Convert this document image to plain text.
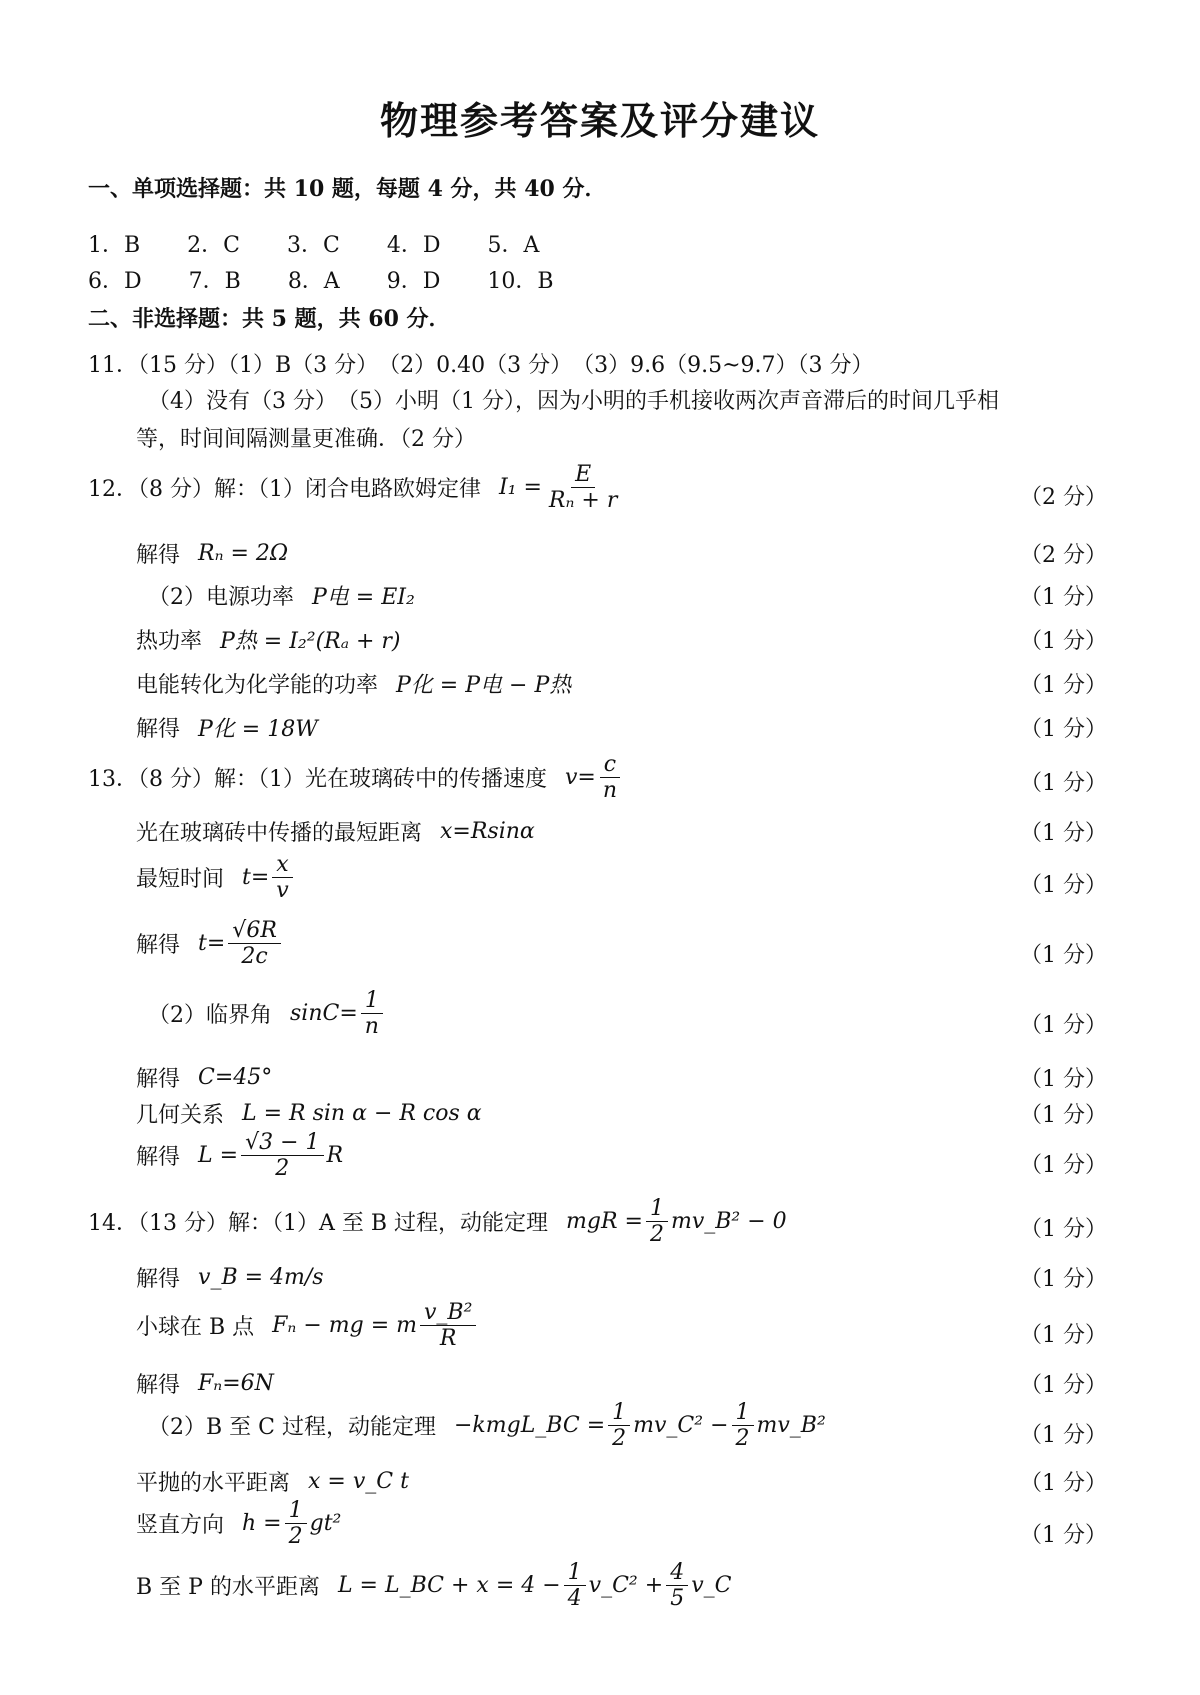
物理参考答案及评分建议
一、单项选择题：共 10 题，每题 4 分，共 40 分．
1．B 2．C 3．C 4．D 5．A
6．D 7．B 8．A 9．D 10．B
二、非选择题：共 5 题，共 60 分．
11．（15 分）（1）B（3 分）　（2）0.40（3 分）　（3）9.6（9.5~9.7）（3 分）
（4）没有（3 分）　（5）小明（1 分），因为小明的手机接收两次声音滞后的时间几乎相
等，时间间隔测量更准确．（2 分）
12．（8 分）解：（1）闭合电路欧姆定律 $I_1 = \frac{E}{\text{Rₙ + r}}$	（2 分）
解得 Rₙ = 2Ω	（2 分）
（2）电源功率 P电 = EI₂	（1 分）
热功率 P热 = I₂²(Rₐ + r)	（1 分）
电能转化为化学能的功率 P化 = P电 − P热	（1 分）
解得 P化 = 18W	（1 分）
13．（8 分）解：（1）光在玻璃砖中的传播速度 $v= \frac{c}{n}$	（1 分）
光在玻璃砖中传播的最短距离 x=Rsinα	（1 分）
最短时间 $t= \frac{x}{v}$	（1 分）
解得 $t= \frac{√6R}{2c}$	（1 分）
（2）临界角 $\sin C= \frac{1}{n}$	（1 分）
解得 C=45°	（1 分）
几何关系 L = R sin α − R cos α	（1 分）
解得 $L = \frac{√3 - 1}{2}$ R	（1 分）
14．（13 分）解：（1）A 至 B 过程，动能定理 mgR = $\frac{1}{2}$ mv_B² − 0	（1 分）
解得 v_B = 4m/s	（1 分）
小球在 B 点 Fₙ − mg = m $\frac{\text{v\_B²}}{R}$	（1 分）
解得 Fₙ=6N	（1 分）
（2）B 至 C 过程，动能定理 −kmgL_BC = $\frac{1}{2}$ mv_C² − $\frac{1}{2}$ mv_B²	（1 分）
平抛的水平距离 x = v_C t	（1 分）
竖直方向 $h = \frac{1}{2} gt^2$	（1 分）
B 至 P 的水平距离 L = L_BC + $x = 4 - \frac{1}{4}$ v_C² + $\frac{4}{5}$ v_C
